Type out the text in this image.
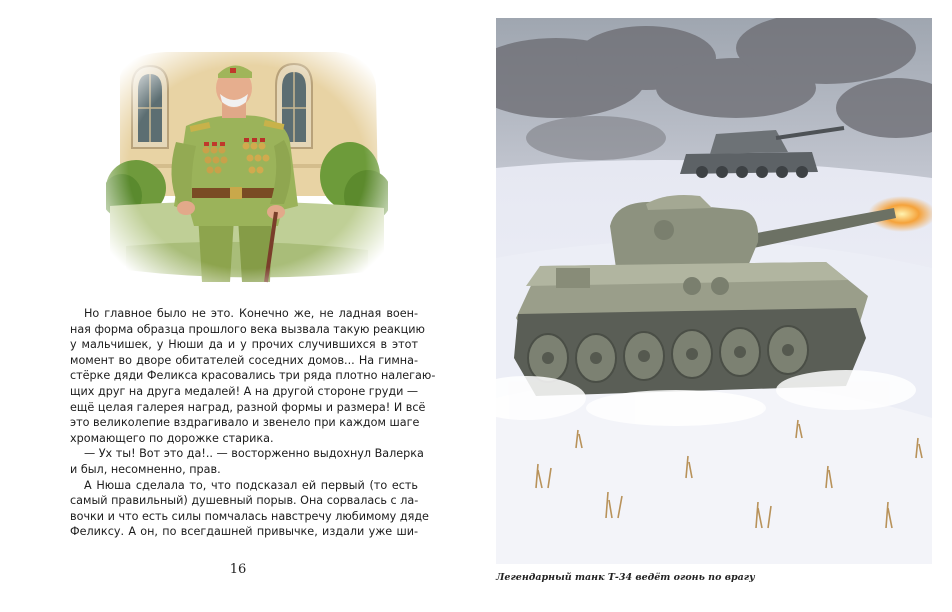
Но главное было не это. Конечно же, не ладная воен-

ная форма образца прошлого века вызвала такую реакцию

у мальчишек, у Нюши да и у прочих случившихся в этот

момент во дворе обитателей соседних домов... На гимна-

стёрке дяди Феликса красовались три ряда плотно налегаю-

щих друг на друга медалей! А на другой стороне груди —

ещё целая галерея наград, разной формы и размера! И всё

это великолепие вздрагивало и звенело при каждом шаге

хромающего по дорожке старика.

— Ух ты! Вот это да!.. — восторженно выдохнул Валерка

и был, несомненно, прав.

А Нюша сделала то, что подсказал ей первый (то есть

самый правильный) душевный порыв. Она сорвалась с ла-

вочки и что есть силы помчалась навстречу любимому дяде

Феликсу. А он, по всегдашней привычке, издали уже ши-

16
Легендарный танк Т-34 ведёт огонь по врагу
